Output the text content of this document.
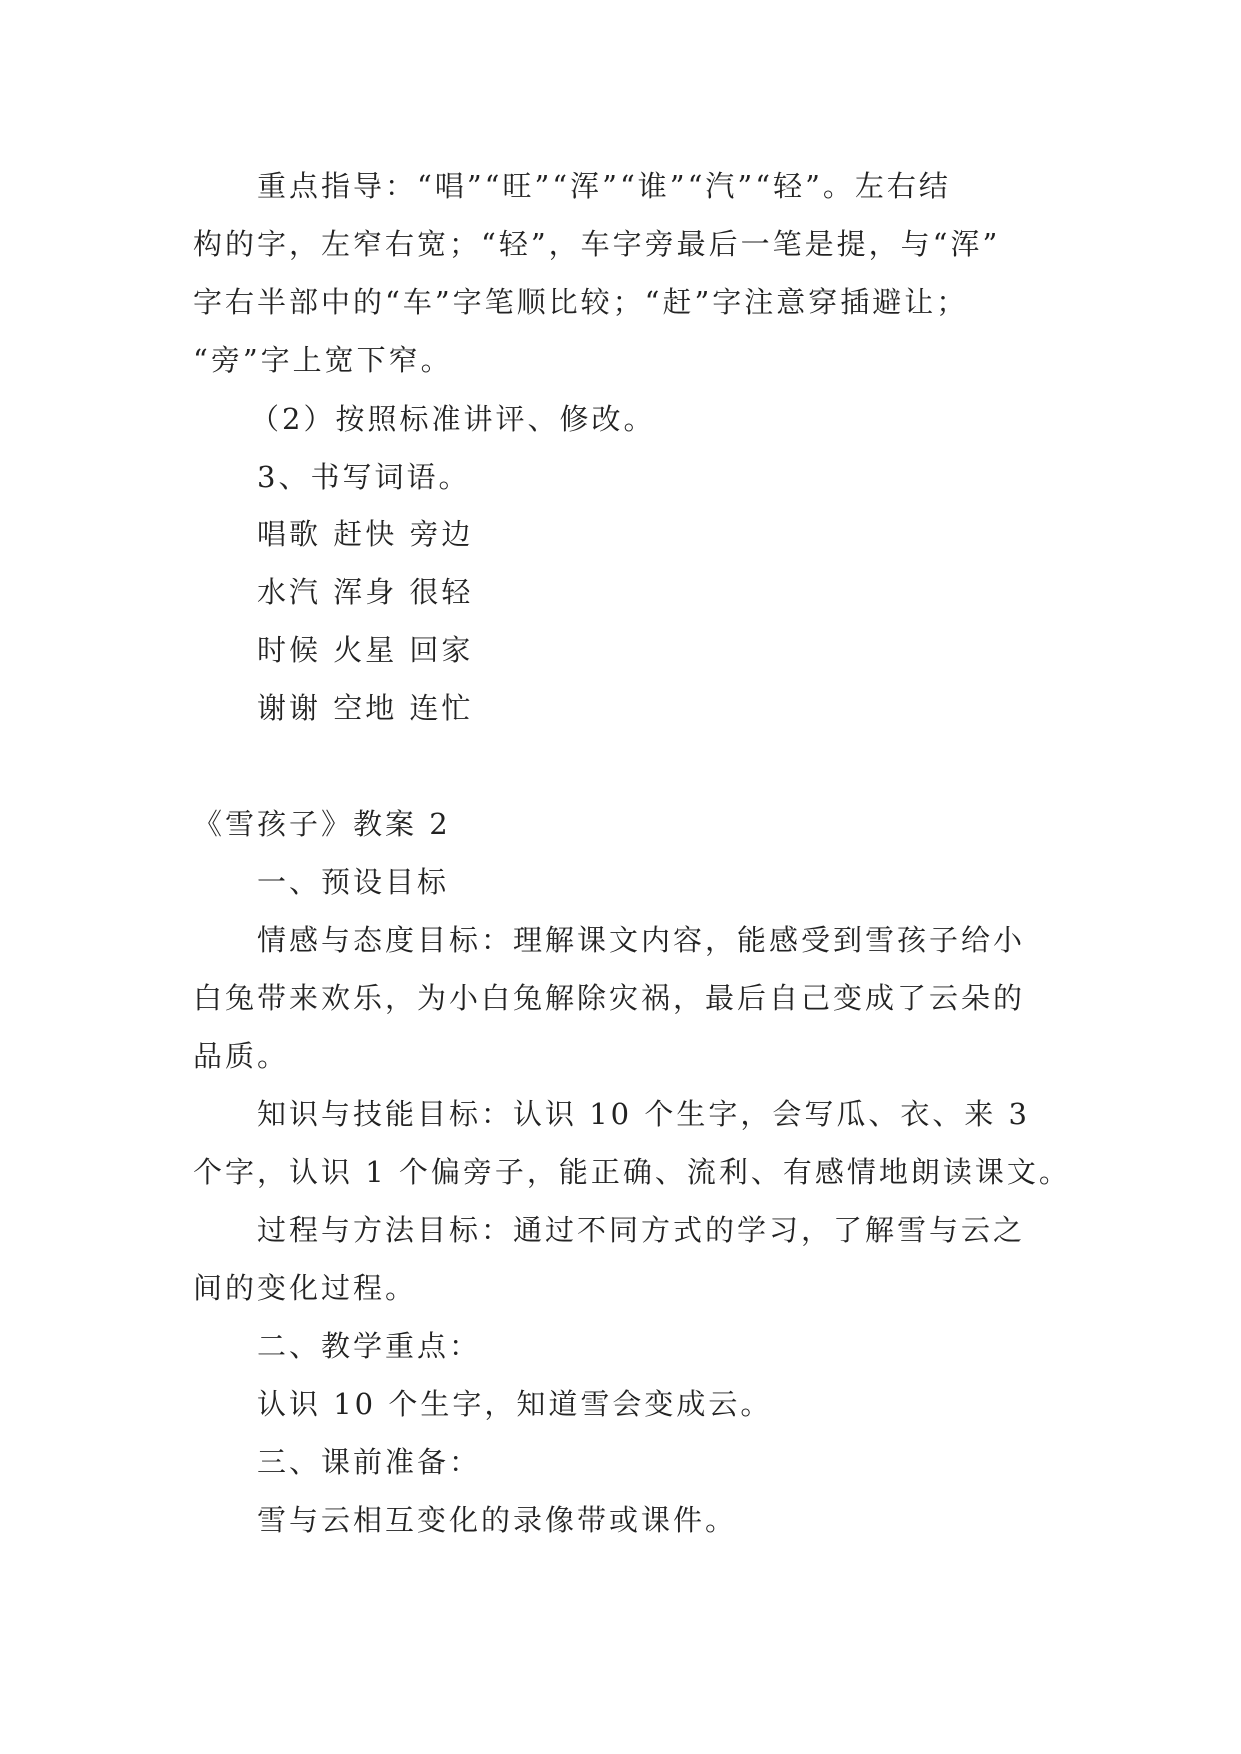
重点指导：“唱”“旺”“浑”“谁”“汽”“轻”。左右结
构的字，左窄右宽；“轻”，车字旁最后一笔是提，与“浑”
字右半部中的“车”字笔顺比较；“赶”字注意穿插避让；
“旁”字上宽下窄。
（2）按照标准讲评、修改。
3、书写词语。
唱歌 赶快 旁边
水汽 浑身 很轻
时候 火星 回家
谢谢 空地 连忙
《雪孩子》教案 2
一、预设目标
情感与态度目标：理解课文内容，能感受到雪孩子给小
白兔带来欢乐，为小白兔解除灾祸，最后自己变成了云朵的
品质。
知识与技能目标：认识 10 个生字，会写瓜、衣、来 3
个字，认识 1 个偏旁子，能正确、流利、有感情地朗读课文。
过程与方法目标：通过不同方式的学习，了解雪与云之
间的变化过程。
二、教学重点：
认识 10 个生字，知道雪会变成云。
三、课前准备：
雪与云相互变化的录像带或课件。
